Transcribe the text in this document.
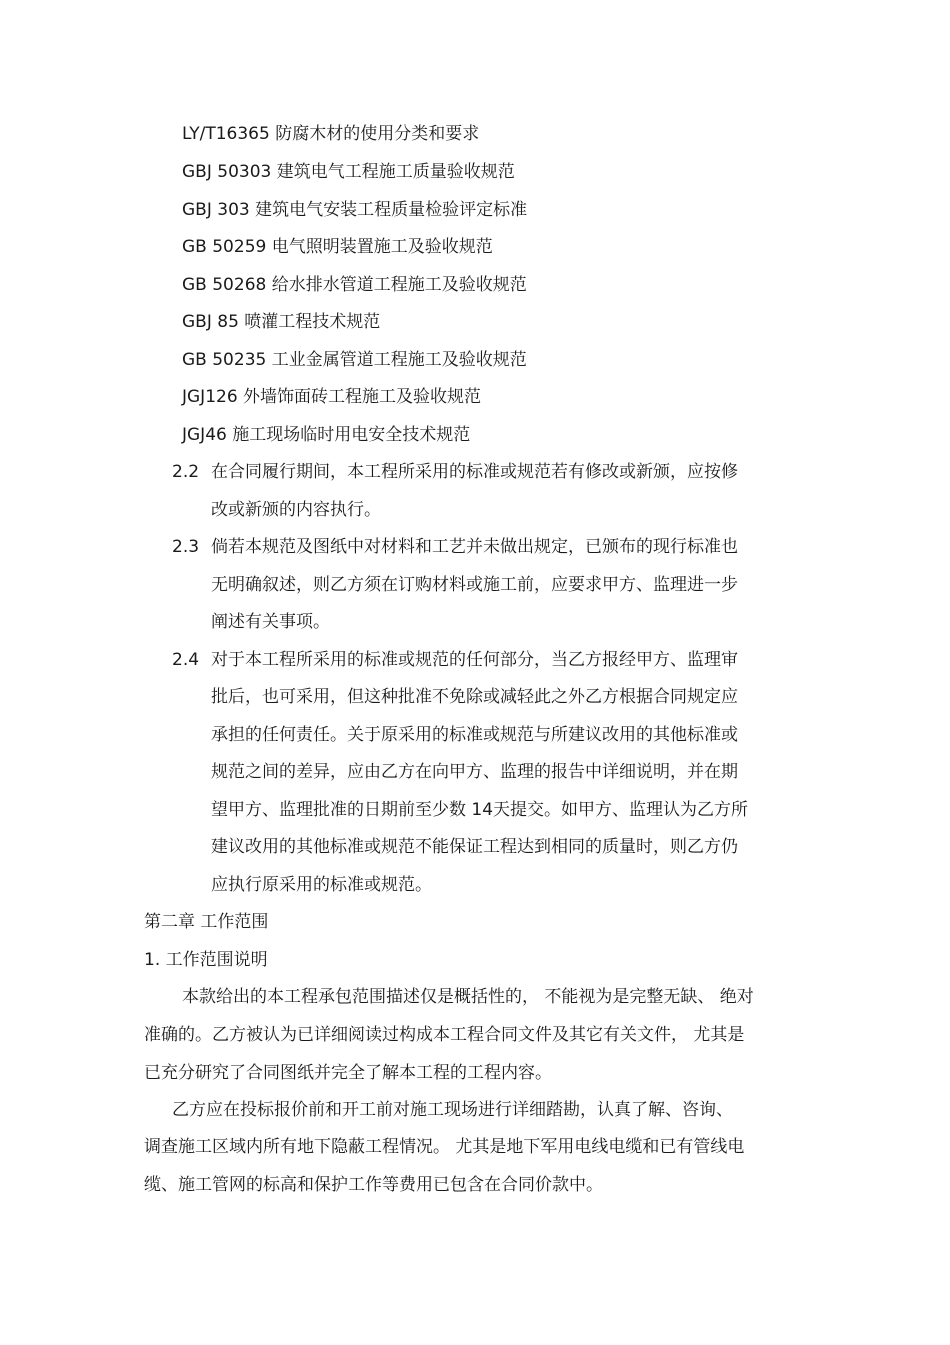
LY/T16365 防腐木材的使用分类和要求
GBJ 50303 建筑电气工程施工质量验收规范
GBJ 303 建筑电气安装工程质量检验评定标准
GB 50259 电气照明装置施工及验收规范
GB 50268 给水排水管道工程施工及验收规范
GBJ 85 喷灌工程技术规范
GB 50235 工业金属管道工程施工及验收规范
JGJ126 外墙饰面砖工程施工及验收规范
JGJ46 施工现场临时用电安全技术规范
2.2 在合同履行期间，本工程所采用的标准或规范若有修改或新颁，应按修
改或新颁的内容执行。
2.3 倘若本规范及图纸中对材料和工艺并未做出规定，已颁布的现行标准也
无明确叙述，则乙方须在订购材料或施工前，应要求甲方、监理进一步
阐述有关事项。
2.4 对于本工程所采用的标准或规范的任何部分，当乙方报经甲方、监理审
批后，也可采用，但这种批准不免除或减轻此之外乙方根据合同规定应
承担的任何责任。关于原采用的标准或规范与所建议改用的其他标准或
规范之间的差异，应由乙方在向甲方、监理的报告中详细说明，并在期
望甲方、监理批准的日期前至少数 14天提交。如甲方、监理认为乙方所
建议改用的其他标准或规范不能保证工程达到相同的质量时，则乙方仍
应执行原采用的标准或规范。
第二章 工作范围
1. 工作范围说明
本款给出的本工程承包范围描述仅是概括性的， 不能视为是完整无缺、 绝对
准确的。乙方被认为已详细阅读过构成本工程合同文件及其它有关文件， 尤其是
已充分研究了合同图纸并完全了解本工程的工程内容。
乙方应在投标报价前和开工前对施工现场进行详细踏勘，认真了解、咨询、
调查施工区域内所有地下隐蔽工程情况。 尤其是地下军用电线电缆和已有管线电
缆、施工管网的标高和保护工作等费用已包含在合同价款中。
